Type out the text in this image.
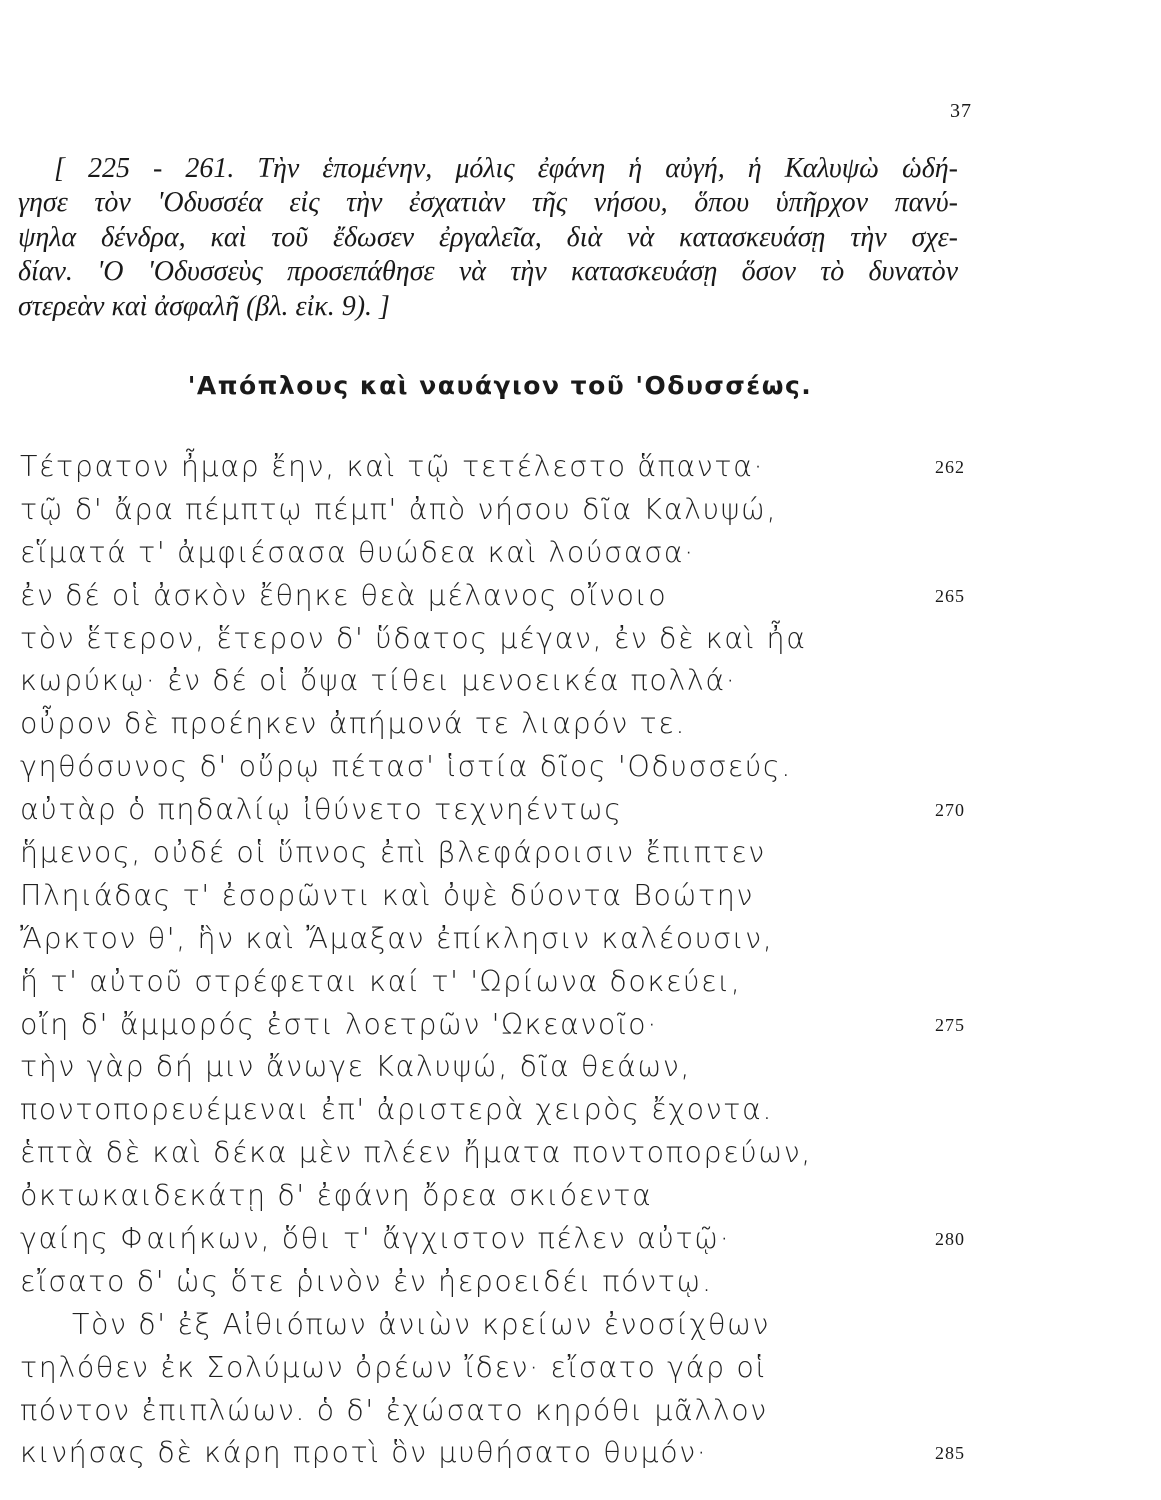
37
[ 225 - 261. Τὴν ἑπομένην, μόλις ἐφάνη ἡ αὐγή, ἡ Καλυψὼ ὡδή-
γησε τὸν 'Οδυσσέα εἰς τὴν ἐσχατιὰν τῆς νήσου, ὅπου ὑπῆρχον πανύ-
ψηλα δένδρα, καὶ τοῦ ἔδωσεν ἐργαλεῖα, διὰ νὰ κατασκευάσῃ τὴν σχε-
δίαν. 'Ο 'Οδυσσεὺς προσεπάθησε νὰ τὴν κατασκευάσῃ ὅσον τὸ δυνατὸν
στερεὰν καὶ ἀσφαλῆ (βλ. εἰκ. 9). ]
'Απόπλους καὶ ναυάγιον τοῦ 'Οδυσσέως.
Τέτρατον ἦμαρ ἔην, καὶ τῷ τετέλεστο ἅπαντα·	262
τῷ δ' ἄρα πέμπτῳ πέμπ' ἀπὸ νήσου δῖα Καλυψώ,
εἵματά τ' ἀμφιέσασα θυώδεα καὶ λούσασα·
ἐν δέ οἱ ἀσκὸν ἔθηκε θεὰ μέλανος οἴνοιο	265
τὸν ἕτερον, ἕτερον δ' ὕδατος μέγαν, ἐν δὲ καὶ ἦα
κωρύκῳ· ἐν δέ οἱ ὄψα τίθει μενοεικέα πολλά·
οὖρον δὲ προέηκεν ἀπήμονά τε λιαρόν τε.
γηθόσυνος δ' οὔρῳ πέτασ' ἱστία δῖος 'Οδυσσεύς.
αὐτὰρ ὁ πηδαλίῳ ἰθύνετο τεχνηέντως	270
ἥμενος, οὐδέ οἱ ὕπνος ἐπὶ βλεφάροισιν ἔπιπτεν
Πληιάδας τ' ἐσορῶντι καὶ ὀψὲ δύοντα Βοώτην
Ἄρκτον θ', ἣν καὶ Ἄμαξαν ἐπίκλησιν καλέουσιν,
ἥ τ' αὐτοῦ στρέφεται καί τ' 'Ωρίωνα δοκεύει,
οἴη δ' ἄμμορός ἐστι λοετρῶν 'Ωκεανοῖο·	275
τὴν γὰρ δή μιν ἄνωγε Καλυψώ, δῖα θεάων,
ποντοπορευέμεναι ἐπ' ἀριστερὰ χειρὸς ἔχοντα.
ἑπτὰ δὲ καὶ δέκα μὲν πλέεν ἤματα ποντοπορεύων,
ὀκτωκαιδεκάτῃ δ' ἐφάνη ὄρεα σκιόεντα
γαίης Φαιήκων, ὅθι τ' ἄγχιστον πέλεν αὐτῷ·	280
εἴσατο δ' ὡς ὅτε ῥινὸν ἐν ἠεροειδέι πόντῳ.
Τὸν δ' ἐξ Αἰθιόπων ἀνιὼν κρείων ἐνοσίχθων
τηλόθεν ἐκ Σολύμων ὀρέων ἴδεν· εἴσατο γάρ οἱ
πόντον ἐπιπλώων. ὁ δ' ἐχώσατο κηρόθι μᾶλλον
κινήσας δὲ κάρη προτὶ ὃν μυθήσατο θυμόν·	285
